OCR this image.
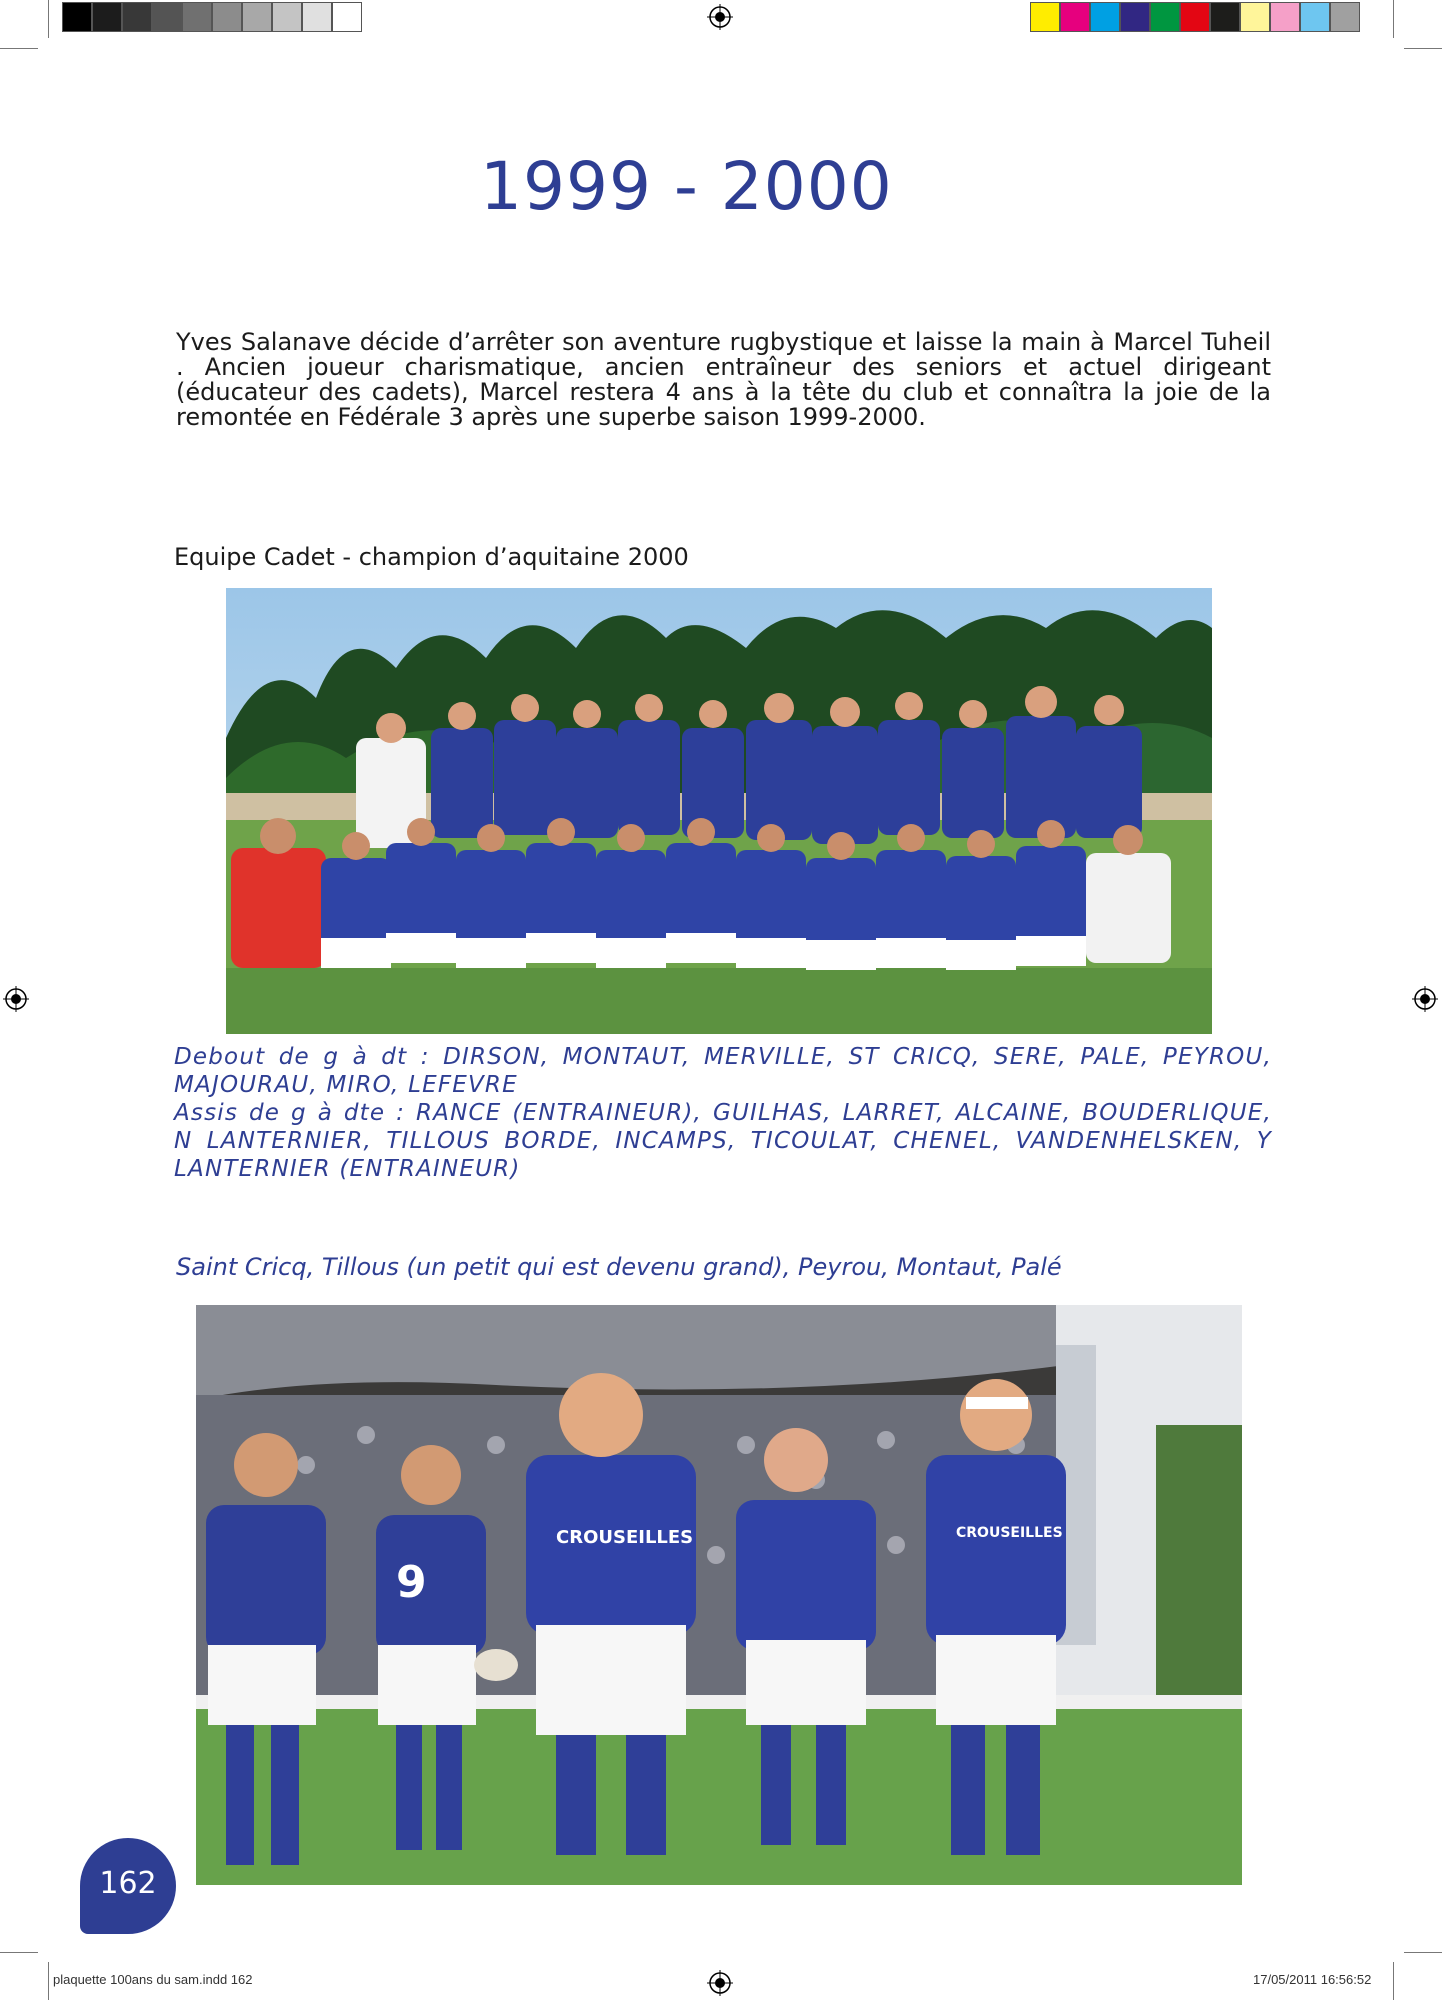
1999 - 2000
Yves Salanave décide d’arrêter son aventure rugbystique et laisse la main à Marcel Tuheil . Ancien joueur charismatique, ancien entraîneur des seniors et actuel dirigeant (éducateur des cadets), Marcel restera 4 ans à la tête du club et connaîtra la joie de la remontée en Fédérale 3 après une superbe saison 1999-2000.
Equipe Cadet - champion d’aquitaine 2000

Debout de g à dt : DIRSON, MONTAUT, MERVILLE, ST CRICQ, SERE, PALE, PEYROU, MAJOURAU, MIRO, LEFEVRE

Assis de g à dte : RANCE (ENTRAINEUR), GUILHAS, LARRET, ALCAINE, BOUDERLIQUE, N LANTERNIER, TILLOUS BORDE, INCAMPS, TICOULAT, CHENEL, VANDENHELSKEN, Y LANTERNIER (ENTRAINEUR)

Saint Cricq, Tillous (un petit qui est devenu grand), Peyrou, Montaut, Palé
CROUSEILLES	CROUSEILLES
9
162
plaquette 100ans du sam.indd 162	17/05/2011 16:56:52
